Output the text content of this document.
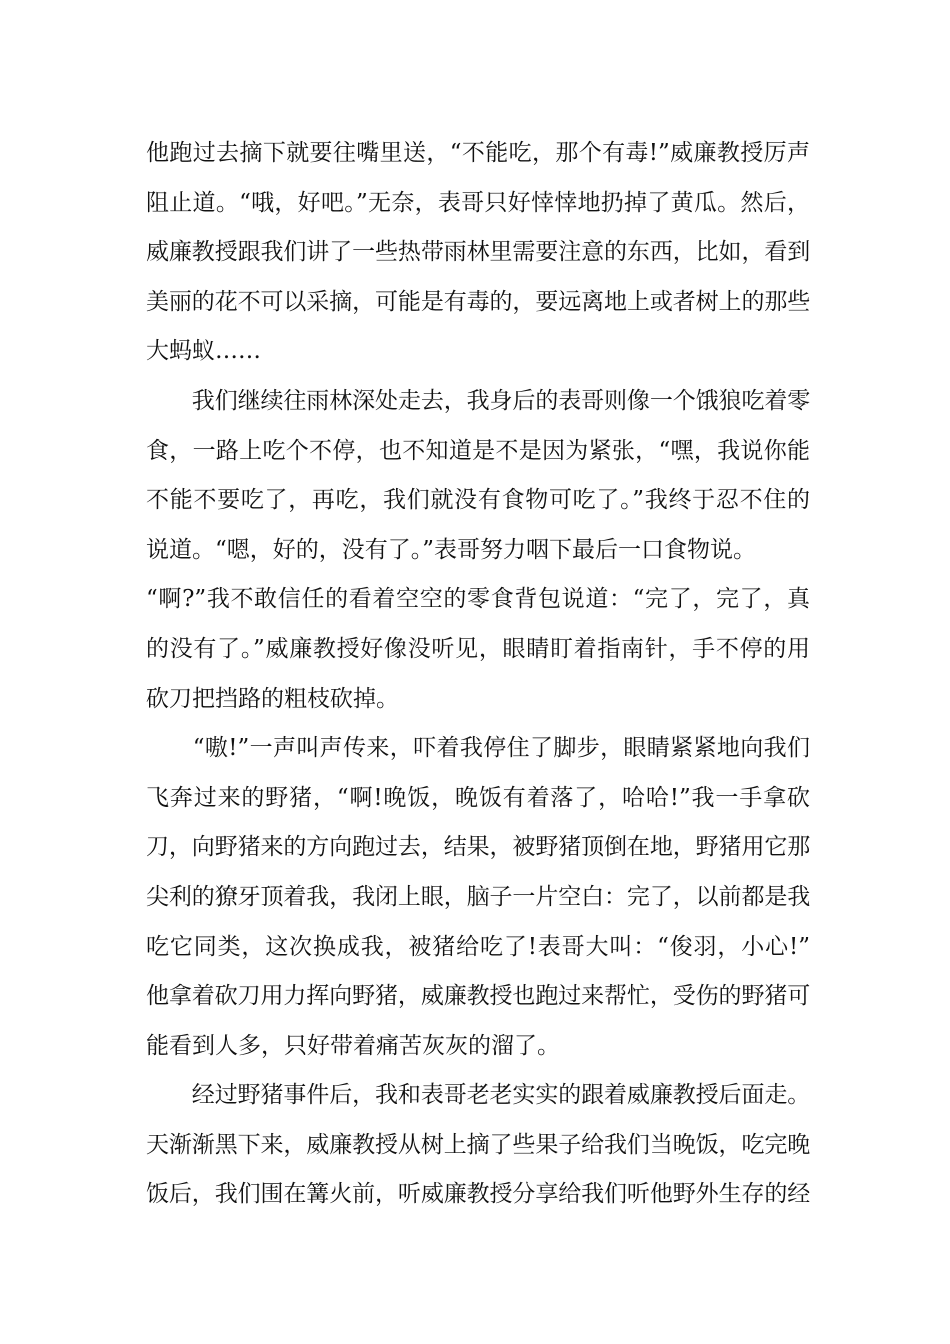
他跑过去摘下就要往嘴里送，“不能吃，那个有毒!”威廉教授厉声
阻止道。“哦，好吧。”无奈，表哥只好悻悻地扔掉了黄瓜。然后，
威廉教授跟我们讲了一些热带雨林里需要注意的东西，比如，看到
美丽的花不可以采摘，可能是有毒的，要远离地上或者树上的那些
大蚂蚁……
　　我们继续往雨林深处走去，我身后的表哥则像一个饿狼吃着零
食，一路上吃个不停，也不知道是不是因为紧张，“嘿，我说你能
不能不要吃了，再吃，我们就没有食物可吃了。”我终于忍不住的
说道。“嗯，好的，没有了。”表哥努力咽下最后一口食物说。
“啊?”我不敢信任的看着空空的零食背包说道：“完了，完了，真
的没有了。”威廉教授好像没听见，眼睛盯着指南针，手不停的用
砍刀把挡路的粗枝砍掉。
　　“嗷!”一声叫声传来，吓着我停住了脚步，眼睛紧紧地向我们
飞奔过来的野猪，“啊!晚饭，晚饭有着落了，哈哈!”我一手拿砍
刀，向野猪来的方向跑过去，结果，被野猪顶倒在地，野猪用它那
尖利的獠牙顶着我，我闭上眼，脑子一片空白：完了，以前都是我
吃它同类，这次换成我，被猪给吃了!表哥大叫：“俊羽，小心!”
他拿着砍刀用力挥向野猪，威廉教授也跑过来帮忙，受伤的野猪可
能看到人多，只好带着痛苦灰灰的溜了。
　　经过野猪事件后，我和表哥老老实实的跟着威廉教授后面走。
天渐渐黑下来，威廉教授从树上摘了些果子给我们当晚饭，吃完晚
饭后，我们围在篝火前，听威廉教授分享给我们听他野外生存的经
